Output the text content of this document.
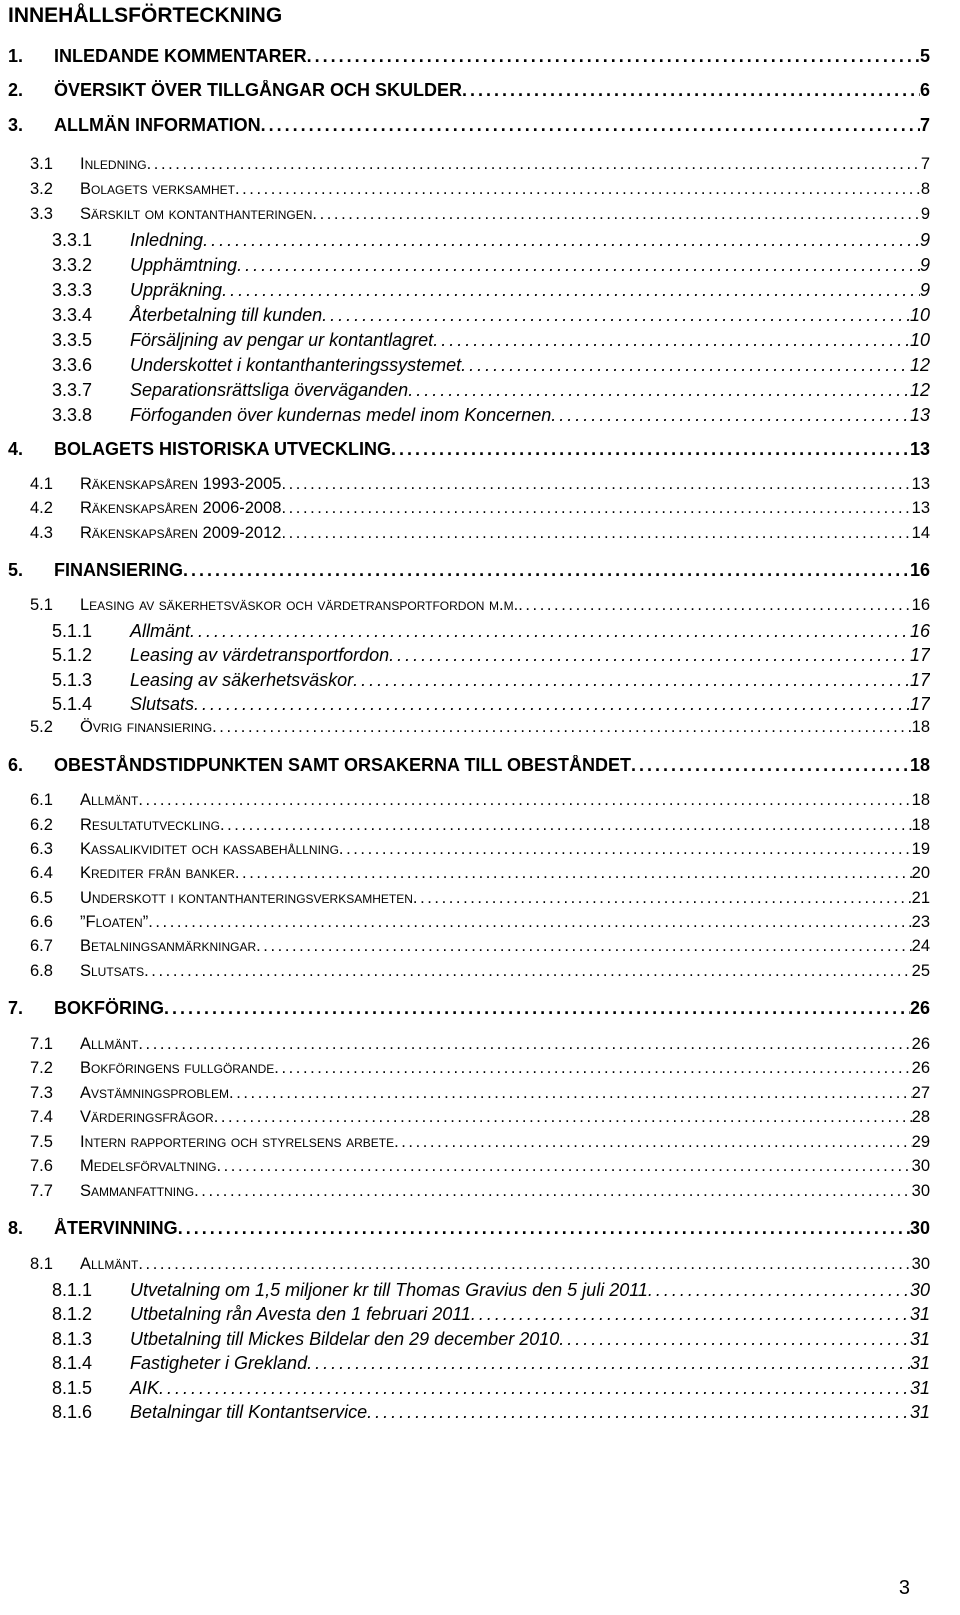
INNEHÅLLSFÖRTECKNING
1.	INLEDANDE KOMMENTARER . . .	5
2.	ÖVERSIKT ÖVER TILLGÅNGAR OCH SKULDER . . .	6
3.	ALLMÄN INFORMATION . . .	7
3.1	Inledning . . .	7
3.2	Bolagets verksamhet . . .	8
3.3	Särskilt om kontanthanteringen . . .	9
3.3.1	Inledning . . .	9
3.3.2	Upphämtning . . .	9
3.3.3	Uppräkning . . .	9
3.3.4	Återbetalning till kunden . . .	10
3.3.5	Försäljning av pengar ur kontantlagret . . .	10
3.3.6	Underskottet i kontanthanteringssystemet . . .	12
3.3.7	Separationsrättsliga överväganden . . .	12
3.3.8	Förfoganden över kundernas medel inom Koncernen . . .	13
4.	BOLAGETS HISTORISKA UTVECKLING . . .	13
4.1	Räkenskapsåren 1993-2005 . . .	13
4.2	Räkenskapsåren 2006-2008 . . .	13
4.3	Räkenskapsåren 2009-2012 . . .	14
5.	FINANSIERING . . .	16
5.1	Leasing av säkerhetsväskor och värdetransportfordon m.m. . . .	16
5.1.1	Allmänt . . .	16
5.1.2	Leasing av värdetransportfordon . . .	17
5.1.3	Leasing av säkerhetsväskor . . .	17
5.1.4	Slutsats . . .	17
5.2	Övrig finansiering . . .	18
6.	OBESTÅNDSTIDPUNKTEN SAMT ORSAKERNA TILL OBESTÅNDET . . .	18
6.1	Allmänt . . .	18
6.2	Resultatutveckling . . .	18
6.3	Kassalikviditet och kassabehållning . . .	19
6.4	Krediter från banker . . .	20
6.5	Underskott i kontanthanteringsverksamheten . . .	21
6.6	”Floaten” . . .	23
6.7	Betalningsanmärkningar . . .	24
6.8	Slutsats . . .	25
7.	BOKFÖRING . . .	26
7.1	Allmänt . . .	26
7.2	Bokföringens fullgörande . . .	26
7.3	Avstämningsproblem . . .	27
7.4	Värderingsfrågor . . .	28
7.5	Intern rapportering och styrelsens arbete . . .	29
7.6	Medelsförvaltning . . .	30
7.7	Sammanfattning . . .	30
8.	ÅTERVINNING . . .	30
8.1	Allmänt . . .	30
8.1.1	Utvetalning om 1,5 miljoner kr till Thomas Gravius den 5 juli 2011 . . .	30
8.1.2	Utbetalning rån Avesta den 1 februari 2011 . . .	31
8.1.3	Utbetalning till Mickes Bildelar den 29 december 2010 . . .	31
8.1.4	Fastigheter i Grekland . . .	31
8.1.5	AIK . . .	31
8.1.6	Betalningar till Kontantservice . . .	31
3
